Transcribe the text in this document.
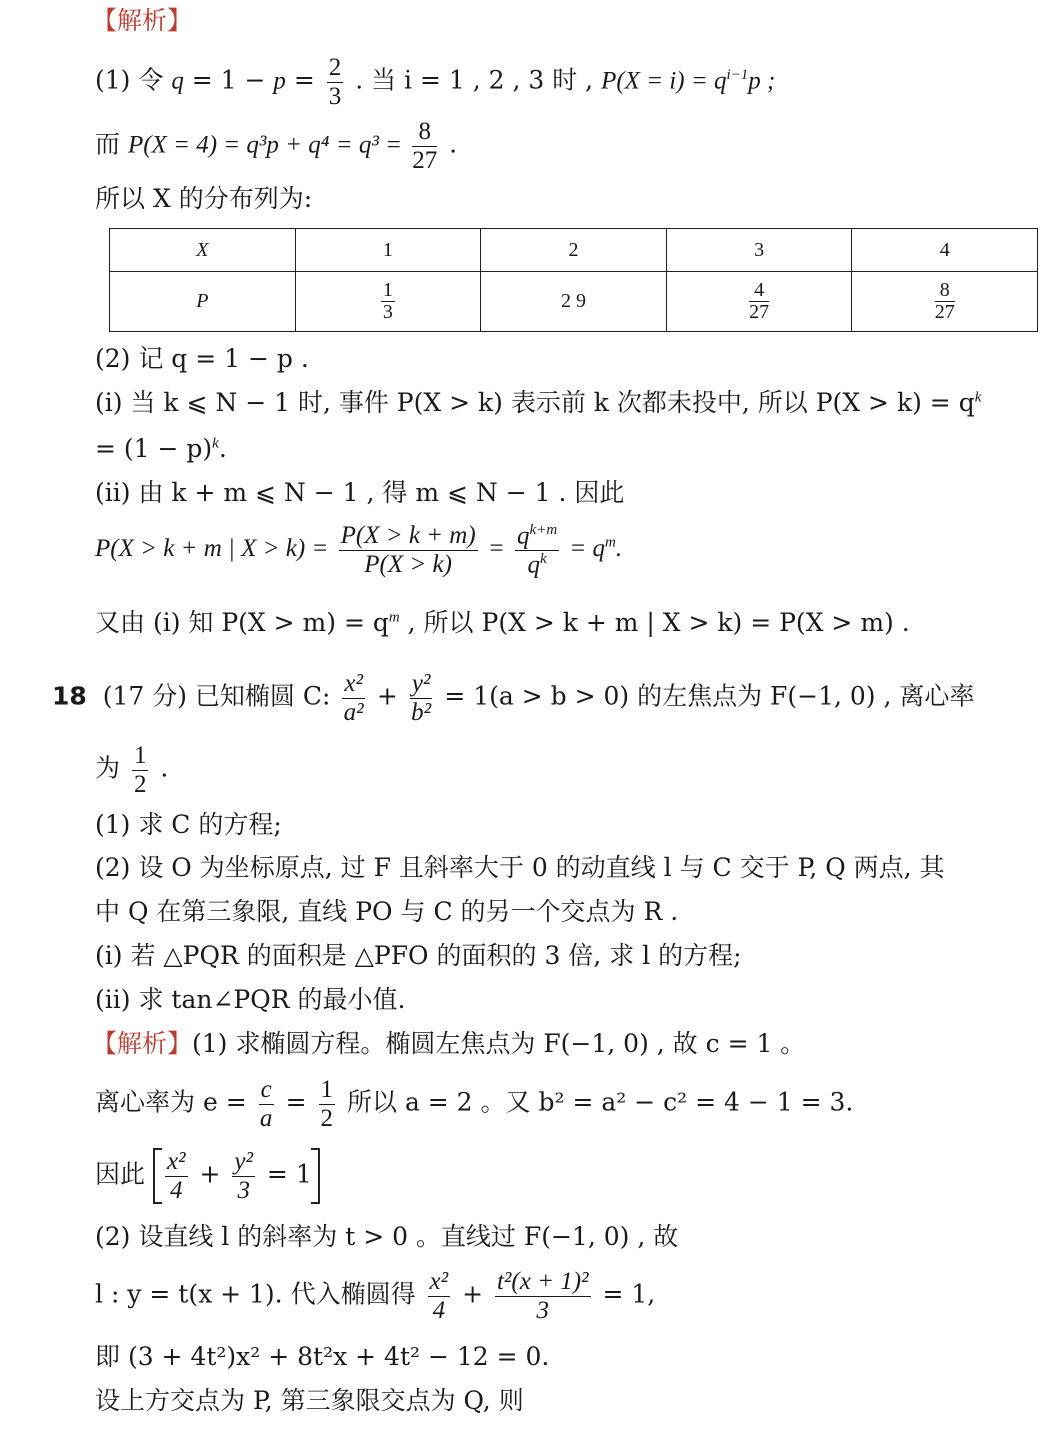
【解析】
(1) 令 $q = 1 - p = \frac{2}{3}$ . 当 i = 1 , 2 , 3 时 , $P(X = i) = q^{i-1}p$ ;
而 $P(X = 4) = q^3p + q^4 = q^3 = \frac{8}{27}$ .
所以 X 的分布列为:
X	1	2	3	4
P	$\frac{1}{3}$	2 9	$\frac{4}{27}$	$\frac{8}{27}$
(2) 记 q = 1 − p .
(i) 当 k ⩽ N − 1 时, 事件 P(X > k) 表示前 k 次都未投中, 所以 $P(X > k) = q^k$
= $(1 - p)^k$.
(ii) 由 k + m ⩽ N − 1 , 得 m ⩽ N − 1 . 因此
P(X > k + m | $X > k) = \frac{P(X > k + m)}{P(X > k)} = \frac{q^{k+m}}{q^k} = q^m$.
又由 (i) 知 $P(X > m) = q^m$ , 所以 P(X > k + m | X > k) = P(X > m) .
18 (17 分) 已知椭圆 C: $\frac{\text{x²}}{\text{a²}} + \frac{\text{y²}}{\text{b²}} = 1(a > b > 0)$ 的左焦点为 F(−1, 0) , 离心率
为 $\frac{1}{2}$ .
(1) 求 C 的方程;
(2) 设 O 为坐标原点, 过 F 且斜率大于 0 的动直线 l 与 C 交于 P, Q 两点, 其
中 Q 在第三象限, 直线 PO 与 C 的另一个交点为 R .
(i) 若 △PQR 的面积是 △PFO 的面积的 3 倍, 求 l 的方程;
(ii) 求 tan∠PQR 的最小值.
【解析】(1) 求椭圆方程。椭圆左焦点为 F(−1, 0) , 故 c = 1 。
离心率为 $e = \frac{c}{a} = \frac{1}{2}$ 所以 a = 2 。又 b² = a² − c² = 4 − 1 = 3.
因此 $\frac{\text{x²}}{4} + \frac{\text{y²}}{3} = 1$
(2) 设直线 l 的斜率为 t > 0 。直线过 F(−1, 0) , 故
l : y = t(x + 1). 代入椭圆得 $\frac{\text{x²}}{4} + \frac{\text{t²(x + 1)²}}{3} = 1$,
即 (3 + 4t²)x² + 8t²x + 4t² − 12 = 0.
设上方交点为 P, 第三象限交点为 Q, 则
